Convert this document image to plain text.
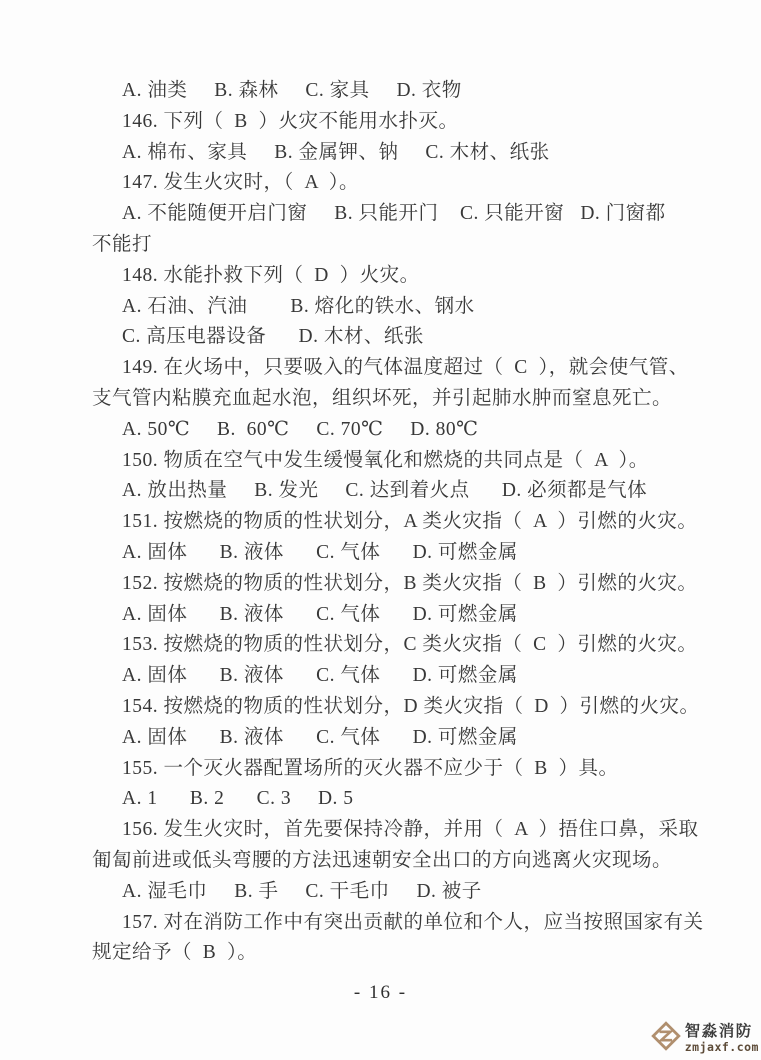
A. 油类     B. 森林     C. 家具     D. 衣物
146. 下列（  B  ）火灾不能用水扑灭。
A. 棉布、家具     B. 金属钾、钠     C. 木材、纸张
147. 发生火灾时，（  A  ）。
A. 不能随便开启门窗     B. 只能开门    C. 只能开窗   D. 门窗都
不能打
148. 水能扑救下列（  D  ）火灾。
A. 石油、汽油        B. 熔化的铁水、钢水
C. 高压电器设备      D. 木材、纸张
149. 在火场中，只要吸入的气体温度超过（  C  ），就会使气管、
支气管内粘膜充血起水泡，组织坏死，并引起肺水肿而窒息死亡。
A. 50℃     B.  60℃     C. 70℃     D. 80℃
150. 物质在空气中发生缓慢氧化和燃烧的共同点是（  A  ）。
A. 放出热量     B. 发光     C. 达到着火点      D. 必须都是气体
151. 按燃烧的物质的性状划分，A 类火灾指（  A  ）引燃的火灾。
A. 固体      B. 液体      C. 气体      D. 可燃金属
152. 按燃烧的物质的性状划分，B 类火灾指（  B  ）引燃的火灾。
A. 固体      B. 液体      C. 气体      D. 可燃金属
153. 按燃烧的物质的性状划分，C 类火灾指（  C  ）引燃的火灾。
A. 固体      B. 液体      C. 气体      D. 可燃金属
154. 按燃烧的物质的性状划分，D 类火灾指（  D  ）引燃的火灾。
A. 固体      B. 液体      C. 气体      D. 可燃金属
155. 一个灭火器配置场所的灭火器不应少于（  B  ）具。
A. 1      B. 2      C. 3     D. 5
156. 发生火灾时，首先要保持冷静，并用（  A  ）捂住口鼻，采取
匍匐前进或低头弯腰的方法迅速朝安全出口的方向逃离火灾现场。
A. 湿毛巾     B. 手     C. 干毛巾     D. 被子
157. 对在消防工作中有突出贡献的单位和个人，应当按照国家有关
规定给予（  B  ）。
- 16 -
智淼消防
zmjaxf.com
